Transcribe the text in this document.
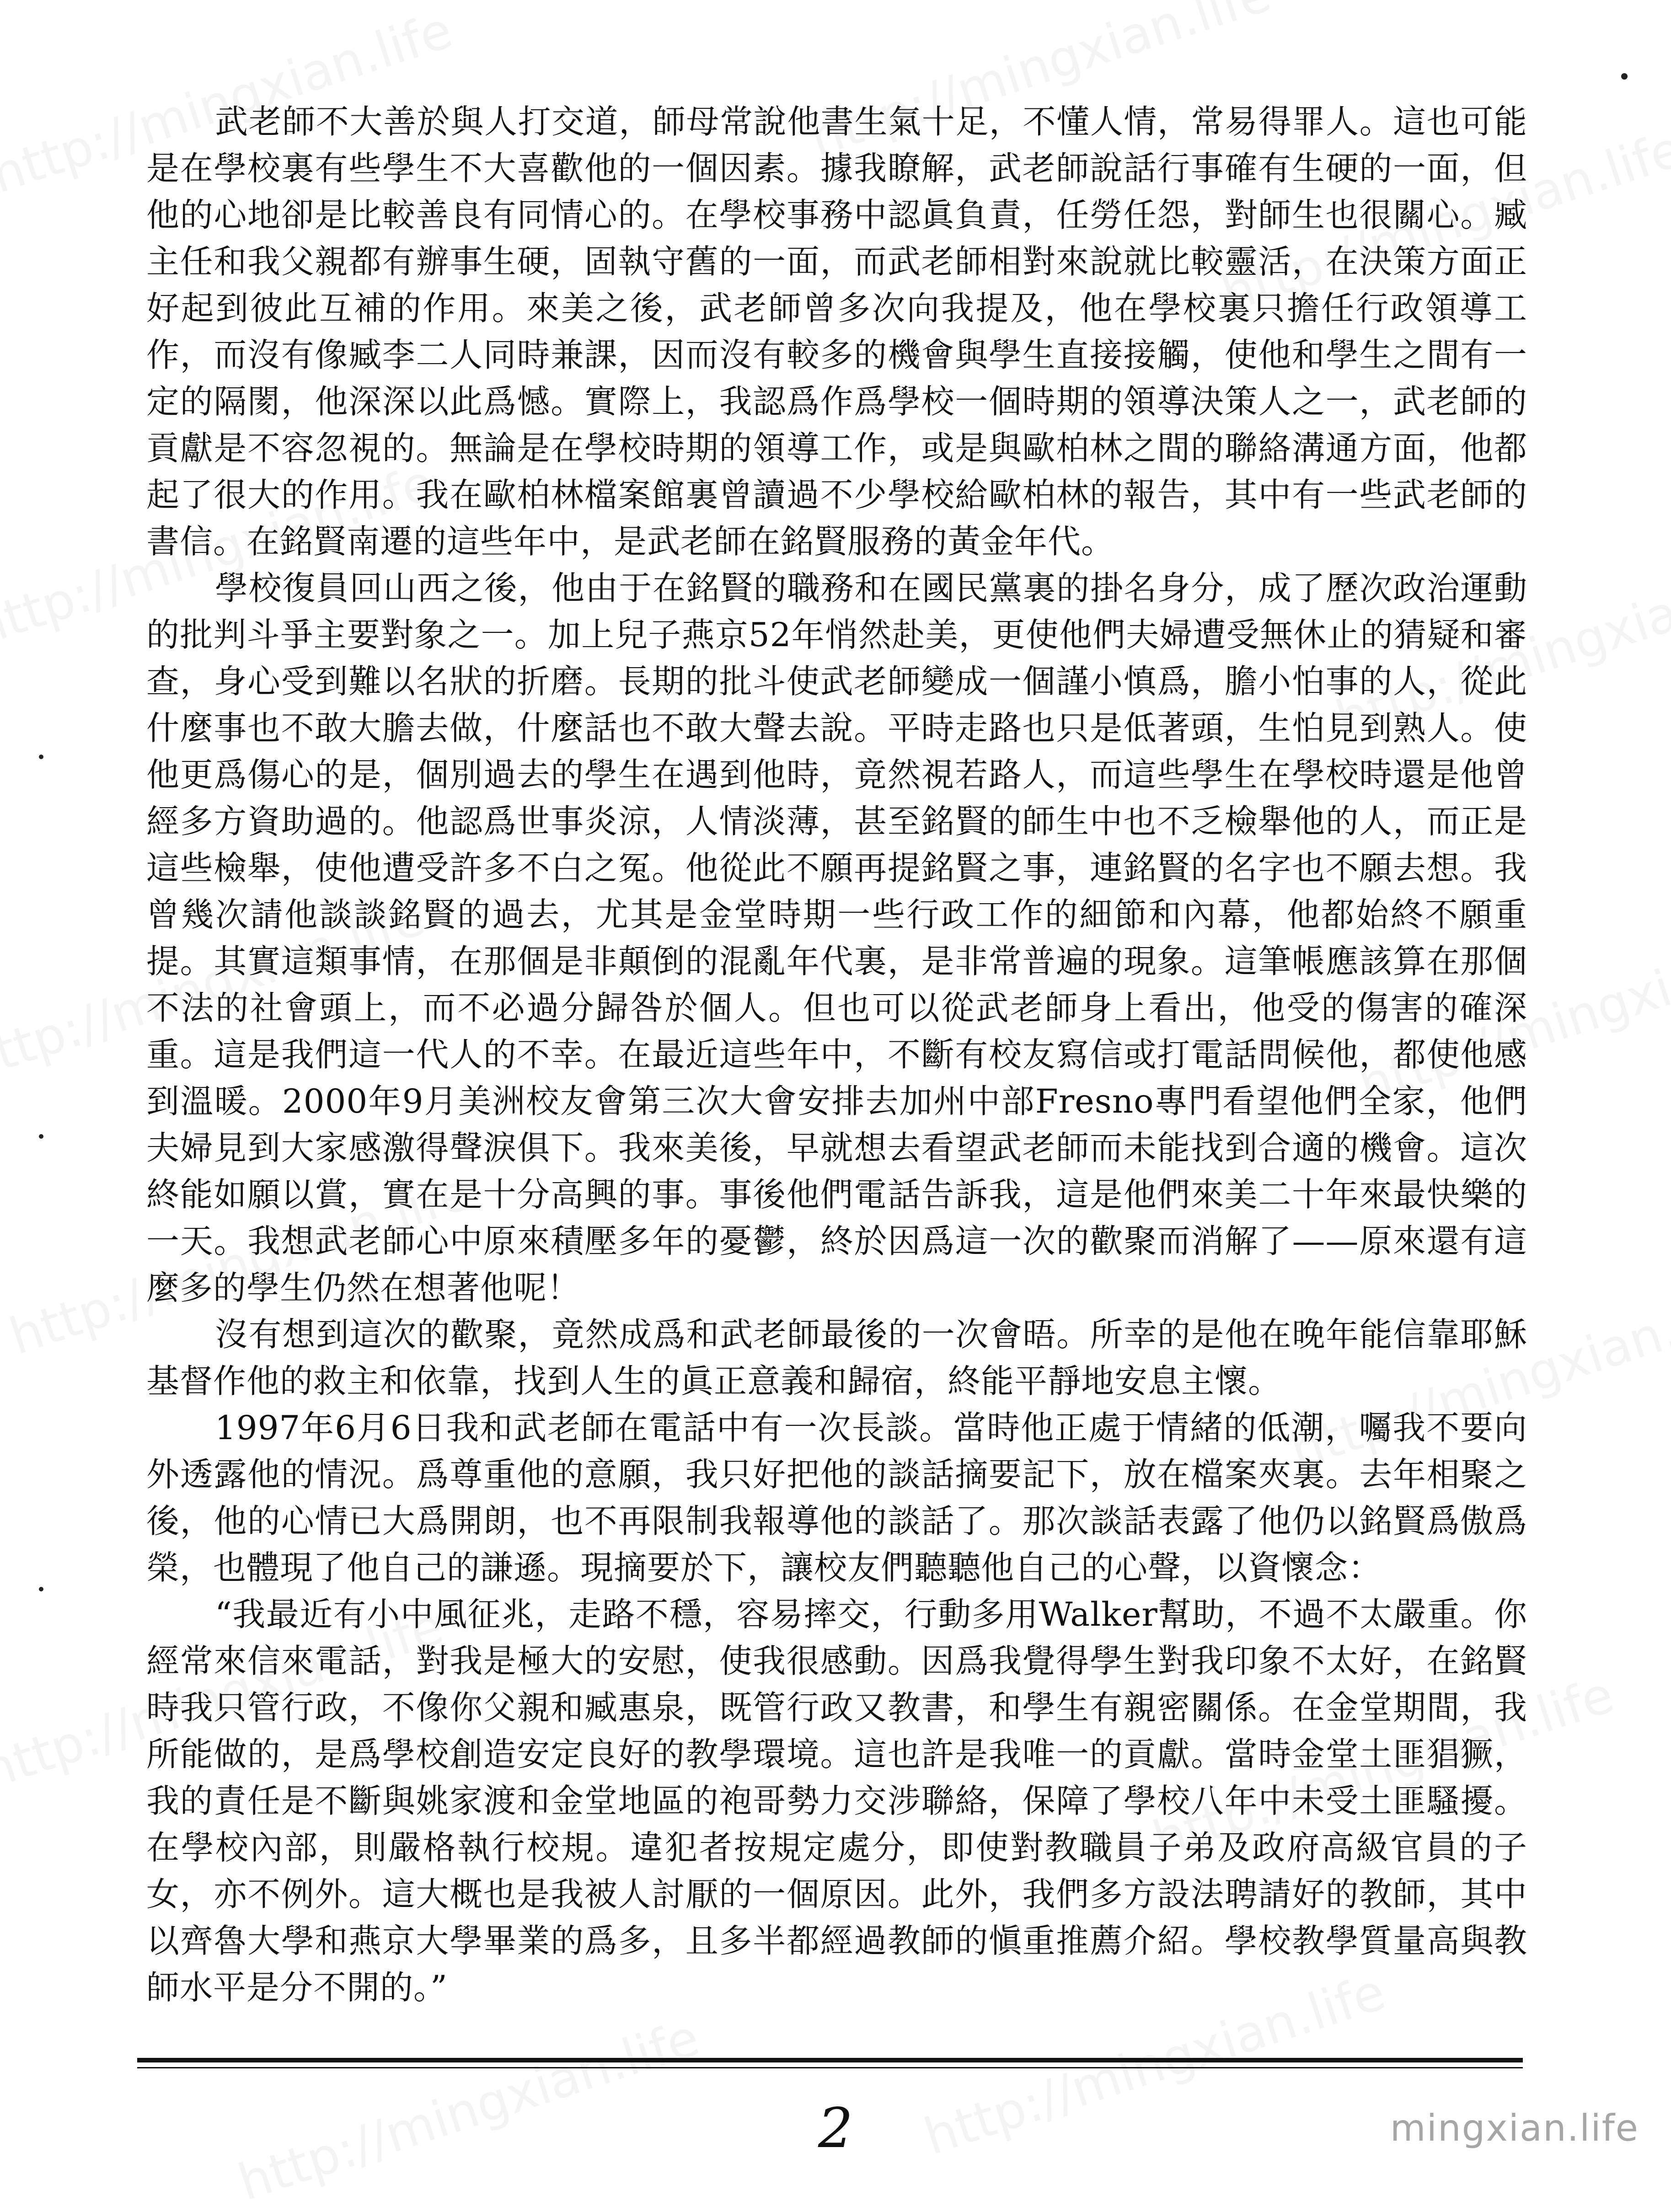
武老師不大善於與人打交道，師母常說他書生氣十足，不懂人情，常易得罪人。這也可能是在學校裏有些學生不大喜歡他的一個因素。據我瞭解，武老師說話行事確有生硬的一面，但他的心地卻是比較善良有同情心的。在學校事務中認眞負責，任勞任怨，對師生也很關心。臧主任和我父親都有辦事生硬，固執守舊的一面，而武老師相對來說就比較靈活，在決策方面正好起到彼此互補的作用。來美之後，武老師曾多次向我提及，他在學校裏只擔任行政領導工作，而沒有像臧李二人同時兼課，因而沒有較多的機會與學生直接接觸，使他和學生之間有一定的隔閡，他深深以此爲憾。實際上，我認爲作爲學校一個時期的領導決策人之一，武老師的貢獻是不容忽視的。無論是在學校時期的領導工作，或是與歐柏林之間的聯絡溝通方面，他都起了很大的作用。我在歐柏林檔案館裏曾讀過不少學校給歐柏林的報告，其中有一些武老師的書信。在銘賢南遷的這些年中，是武老師在銘賢服務的黃金年代。

學校復員回山西之後，他由于在銘賢的職務和在國民黨裏的掛名身分，成了歷次政治運動的批判斗爭主要對象之一。加上兒子燕京52年悄然赴美，更使他們夫婦遭受無休止的猜疑和審查，身心受到難以名狀的折磨。長期的批斗使武老師變成一個謹小慎爲，膽小怕事的人，從此什麼事也不敢大膽去做，什麼話也不敢大聲去說。平時走路也只是低著頭，生怕見到熟人。使他更爲傷心的是，個別過去的學生在遇到他時，竟然視若路人，而這些學生在學校時還是他曾經多方資助過的。他認爲世事炎涼，人情淡薄，甚至銘賢的師生中也不乏檢舉他的人，而正是這些檢舉，使他遭受許多不白之冤。他從此不願再提銘賢之事，連銘賢的名字也不願去想。我曾幾次請他談談銘賢的過去，尤其是金堂時期一些行政工作的細節和內幕，他都始終不願重提。其實這類事情，在那個是非顛倒的混亂年代裏，是非常普遍的現象。這筆帳應該算在那個不法的社會頭上，而不必過分歸咎於個人。但也可以從武老師身上看出，他受的傷害的確深重。這是我們這一代人的不幸。在最近這些年中，不斷有校友寫信或打電話問候他，都使他感到溫暖。2000年9月美洲校友會第三次大會安排去加州中部Fresno專門看望他們全家，他們夫婦見到大家感激得聲淚俱下。我來美後，早就想去看望武老師而未能找到合適的機會。這次終能如願以賞，實在是十分高興的事。事後他們電話告訴我，這是他們來美二十年來最快樂的一天。我想武老師心中原來積壓多年的憂鬱，終於因爲這一次的歡聚而消解了——原來還有這麼多的學生仍然在想著他呢！

沒有想到這次的歡聚，竟然成爲和武老師最後的一次會晤。所幸的是他在晚年能信靠耶穌基督作他的救主和依靠，找到人生的眞正意義和歸宿，終能平靜地安息主懷。

1997年6月6日我和武老師在電話中有一次長談。當時他正處于情緒的低潮，囑我不要向外透露他的情況。爲尊重他的意願，我只好把他的談話摘要記下，放在檔案夾裏。去年相聚之後，他的心情已大爲開朗，也不再限制我報導他的談話了。那次談話表露了他仍以銘賢爲傲爲榮，也體現了他自己的謙遜。現摘要於下，讓校友們聽聽他自己的心聲，以資懷念：

“我最近有小中風征兆，走路不穩，容易摔交，行動多用Walker幫助，不過不太嚴重。你經常來信來電話，對我是極大的安慰，使我很感動。因爲我覺得學生對我印象不太好，在銘賢時我只管行政，不像你父親和臧惠泉，既管行政又教書，和學生有親密關係。在金堂期間，我所能做的，是爲學校創造安定良好的教學環境。這也許是我唯一的貢獻。當時金堂土匪猖獗，我的責任是不斷與姚家渡和金堂地區的袍哥勢力交涉聯絡，保障了學校八年中未受土匪騷擾。在學校內部，則嚴格執行校規。違犯者按規定處分，即使對教職員子弟及政府高級官員的子女，亦不例外。這大概也是我被人討厭的一個原因。此外，我們多方設法聘請好的教師，其中以齊魯大學和燕京大學畢業的爲多，且多半都經過教師的愼重推薦介紹。學校教學質量高與教師水平是分不開的。”

2	mingxian.life
